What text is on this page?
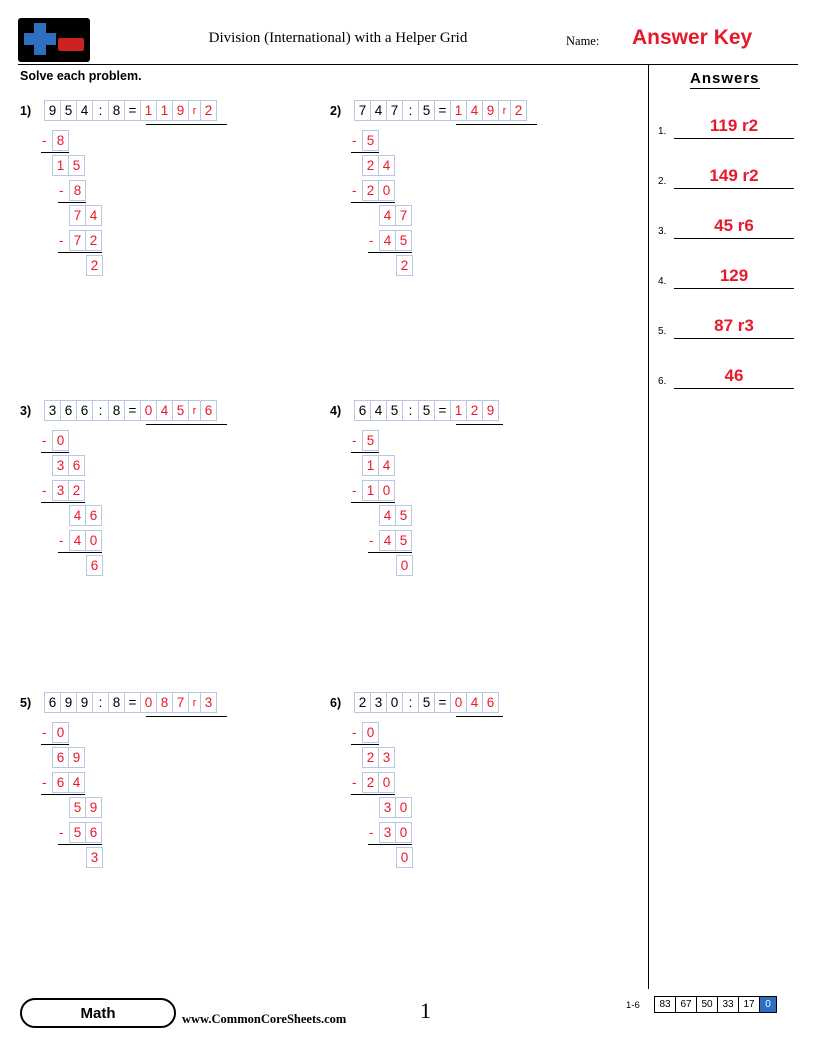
Division (International) with a Helper Grid	Name: Answer Key
Solve each problem.	Answers
1.	119 r2
2.	149 r2
3.	45 r6
4.	129
5.	87 r3
6.	46
1)	9 5 4 : 8 = 1 1 9 r 2
- 8
1 5
- 8
7 4
- 7 2
2
2)	7 4 7 : 5 = 1 4 9 r 2
- 5
2 4
- 2 0
4 7
- 4 5
2
3)	3 6 6 : 8 = 0 4 5 r 6
- 0
3 6
- 3 2
4 6
- 4 0
6
4)	6 4 5 : 5 = 1 2 9
- 5
1 4
- 1 0
4 5
- 4 5
0
5)	6 9 9 : 8 = 0 8 7 r 3
- 0
6 9
- 6 4
5 9
- 5 6
3
6)	2 3 0 : 5 = 0 4 6
- 0
2 3
- 2 0
3 0
- 3 0
0
Math	www.CommonCoreSheets.com	1	1-6	83 67 50 33 17 0
